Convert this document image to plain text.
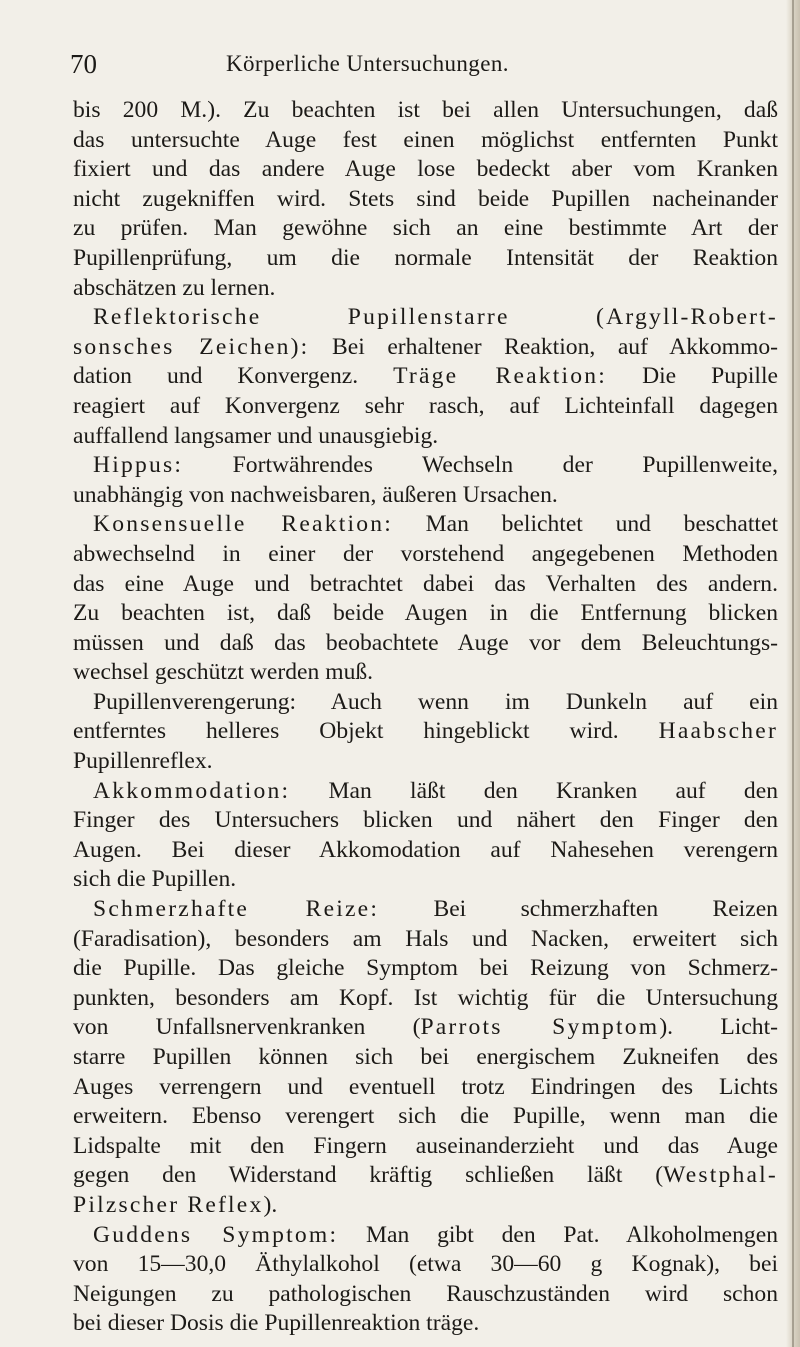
70	Körperliche Untersuchungen.
bis 200 M.). Zu beachten ist bei allen Untersuchungen, daß
das untersuchte Auge fest einen möglichst entfernten Punkt
fixiert und das andere Auge lose bedeckt aber vom Kranken
nicht zugekniffen wird. Stets sind beide Pupillen nacheinander
zu prüfen. Man gewöhne sich an eine bestimmte Art der
Pupillenprüfung, um die normale Intensität der Reaktion
abschätzen zu lernen.
Reflektorische Pupillenstarre (Argyll-Robert-
sonsches Zeichen): Bei erhaltener Reaktion, auf Akkommo-
dation und Konvergenz. Träge Reaktion: Die Pupille
reagiert auf Konvergenz sehr rasch, auf Lichteinfall dagegen
auffallend langsamer und unausgiebig.
Hippus: Fortwährendes Wechseln der Pupillenweite,
unabhängig von nachweisbaren, äußeren Ursachen.
Konsensuelle Reaktion: Man belichtet und beschattet
abwechselnd in einer der vorstehend angegebenen Methoden
das eine Auge und betrachtet dabei das Verhalten des andern.
Zu beachten ist, daß beide Augen in die Entfernung blicken
müssen und daß das beobachtete Auge vor dem Beleuchtungs-
wechsel geschützt werden muß.
Pupillenverengerung: Auch wenn im Dunkeln auf ein
entferntes helleres Objekt hingeblickt wird. Haabscher
Pupillenreflex.
Akkommodation: Man läßt den Kranken auf den
Finger des Untersuchers blicken und nähert den Finger den
Augen. Bei dieser Akkomodation auf Nahesehen verengern
sich die Pupillen.
Schmerzhafte Reize: Bei schmerzhaften Reizen
(Faradisation), besonders am Hals und Nacken, erweitert sich
die Pupille. Das gleiche Symptom bei Reizung von Schmerz-
punkten, besonders am Kopf. Ist wichtig für die Untersuchung
von Unfallsnervenkranken (Parrots Symptom). Licht-
starre Pupillen können sich bei energischem Zukneifen des
Auges verrengern und eventuell trotz Eindringen des Lichts
erweitern. Ebenso verengert sich die Pupille, wenn man die
Lidspalte mit den Fingern auseinanderzieht und das Auge
gegen den Widerstand kräftig schließen läßt (Westphal-
Pilzscher Reflex).
Guddens Symptom: Man gibt den Pat. Alkoholmengen
von 15—30,0 Äthylalkohol (etwa 30—60 g Kognak), bei
Neigungen zu pathologischen Rauschzuständen wird schon
bei dieser Dosis die Pupillenreaktion träge.
